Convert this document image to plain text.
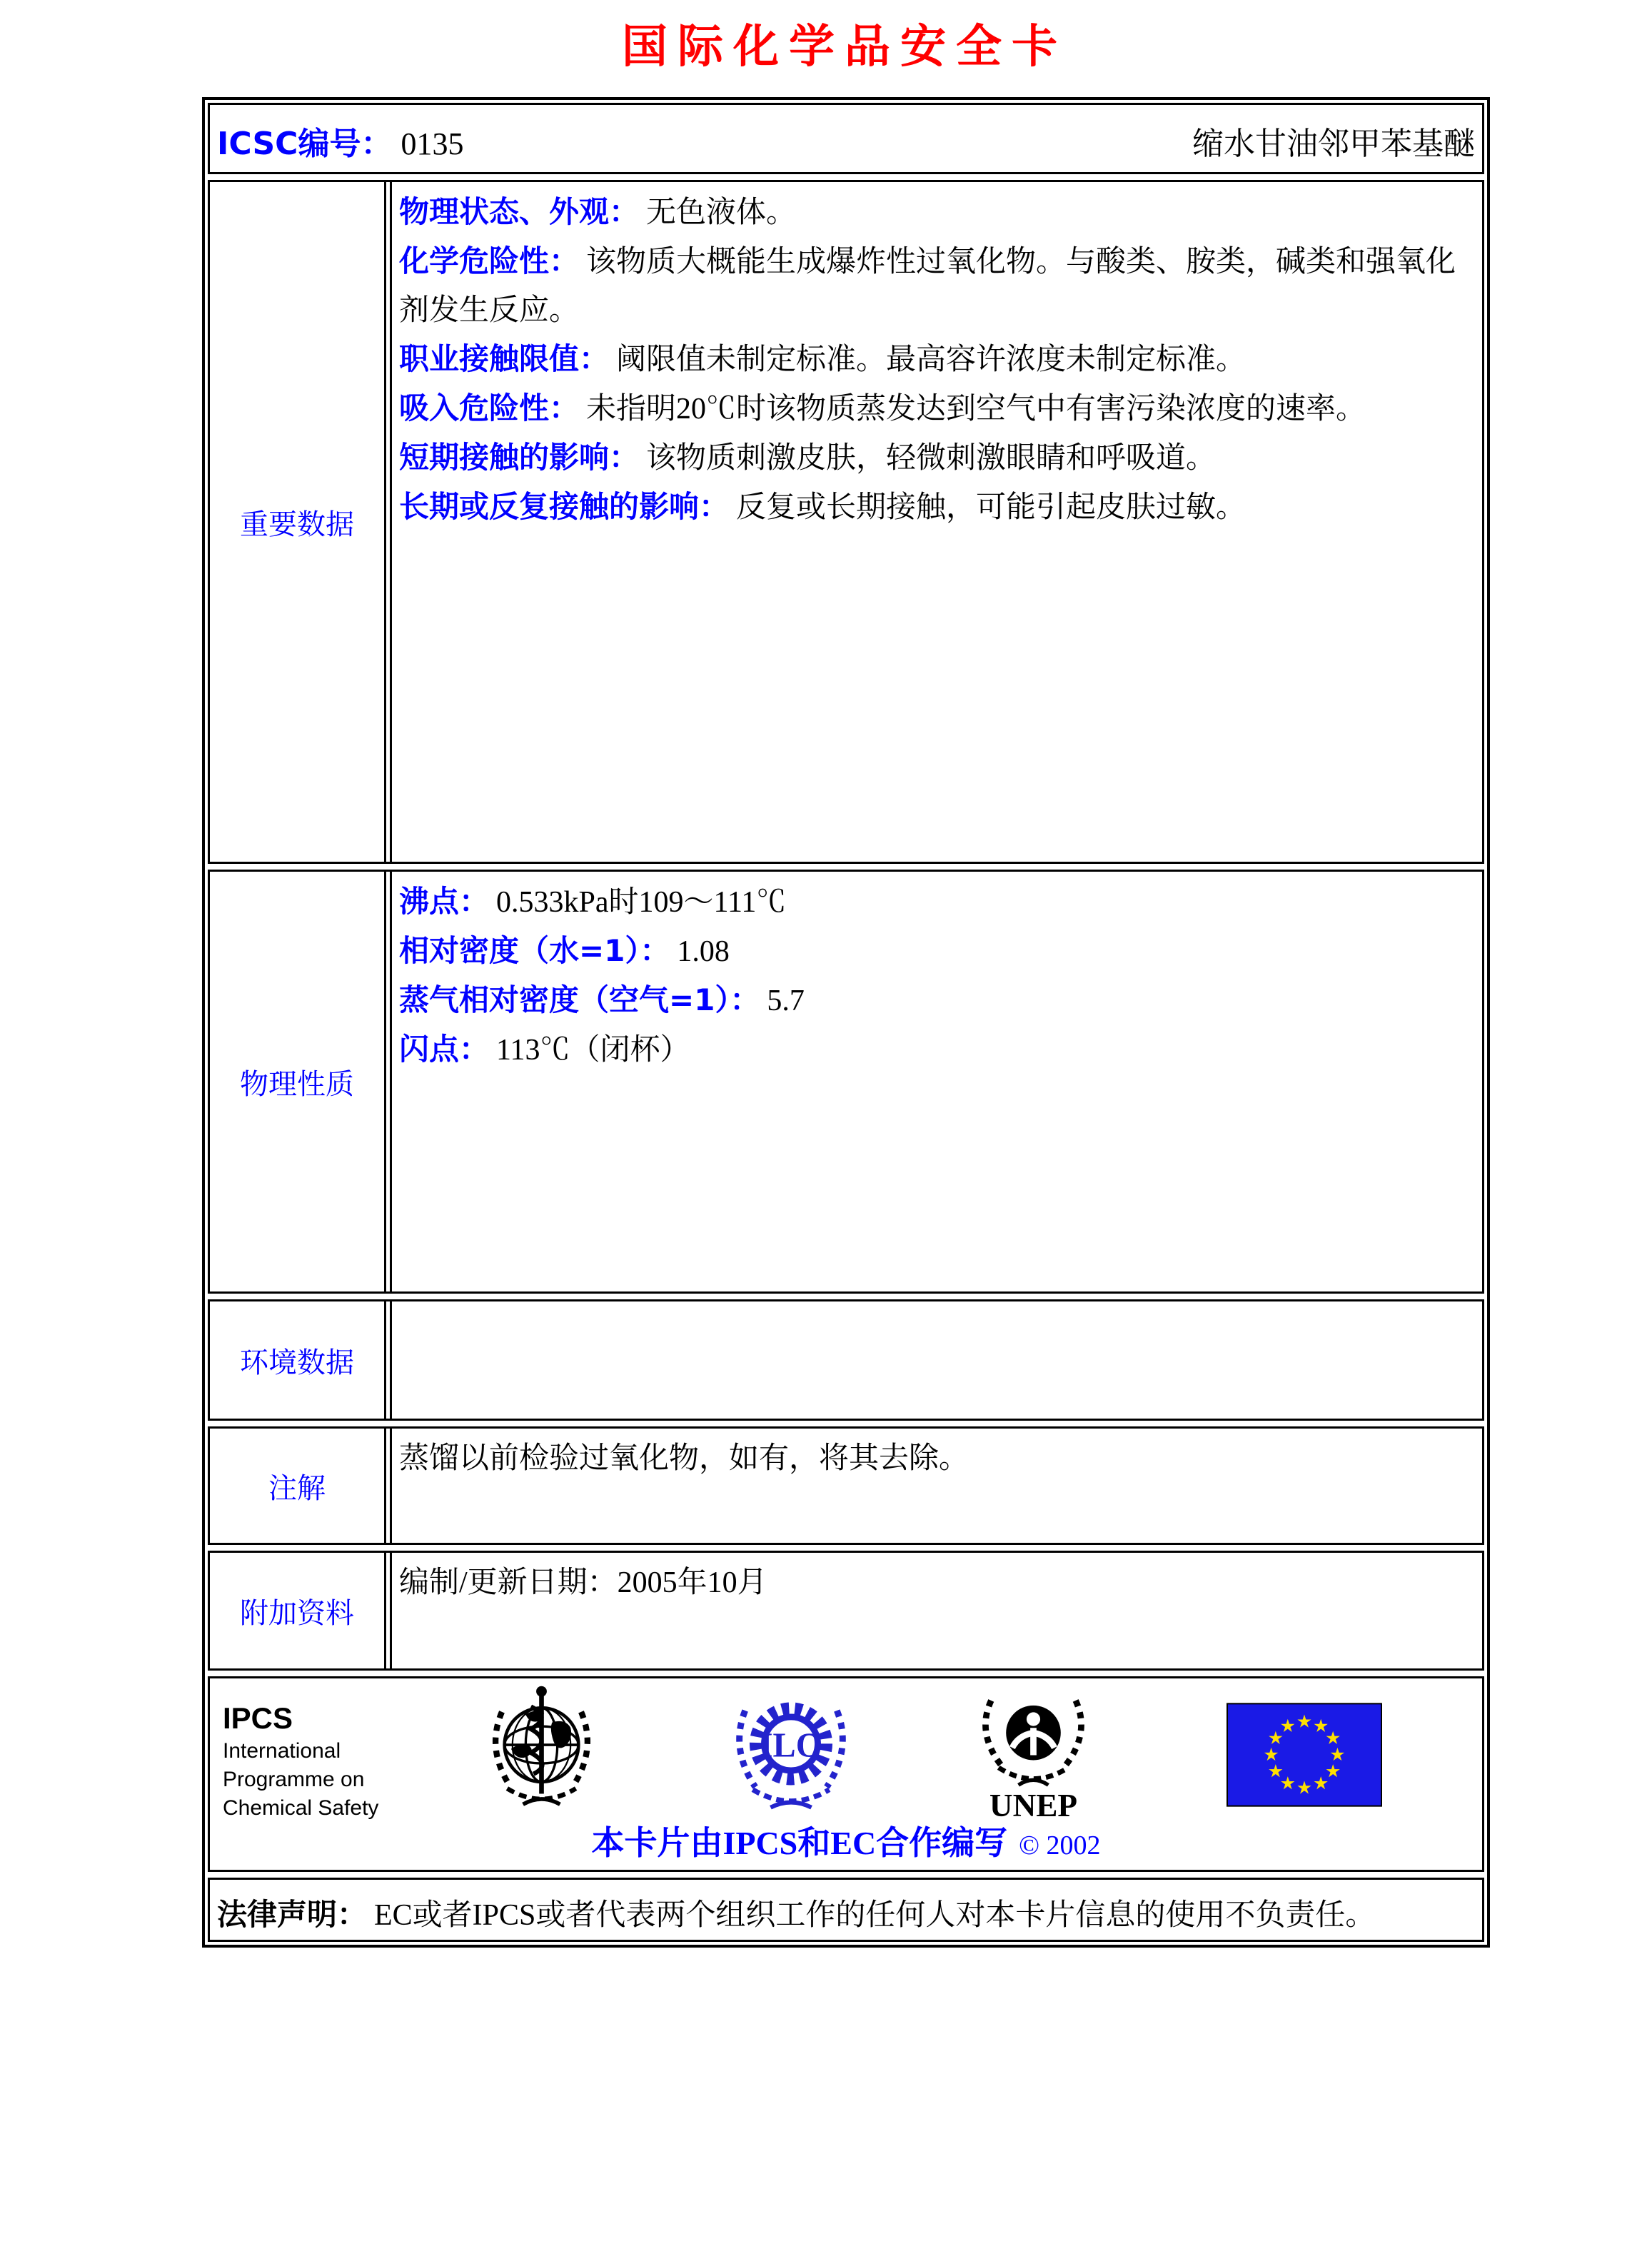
国际化学品安全卡
ICSC编号： 0135	缩水甘油邻甲苯基醚
重要数据
物理状态、外观： 无色液体。
化学危险性： 该物质大概能生成爆炸性过氧化物。与酸类、胺类，碱类和强氧化剂发生反应。
职业接触限值： 阈限值未制定标准。最高容许浓度未制定标准。
吸入危险性： 未指明20℃时该物质蒸发达到空气中有害污染浓度的速率。
短期接触的影响： 该物质刺激皮肤，轻微刺激眼睛和呼吸道。
长期或反复接触的影响： 反复或长期接触，可能引起皮肤过敏。
物理性质
沸点： 0.533kPa时109～111℃
相对密度（水=1）： 1.08
蒸气相对密度（空气=1）： 5.7
闪点： 113℃（闭杯）
环境数据
注解
蒸馏以前检验过氧化物，如有，将其去除。
附加资料
编制/更新日期：2005年10月
IPCS
International
Programme on
Chemical Safety
ILO
UNEP
本卡片由IPCS和EC合作编写 © 2002
法律声明： EC或者IPCS或者代表两个组织工作的任何人对本卡片信息的使用不负责任。
